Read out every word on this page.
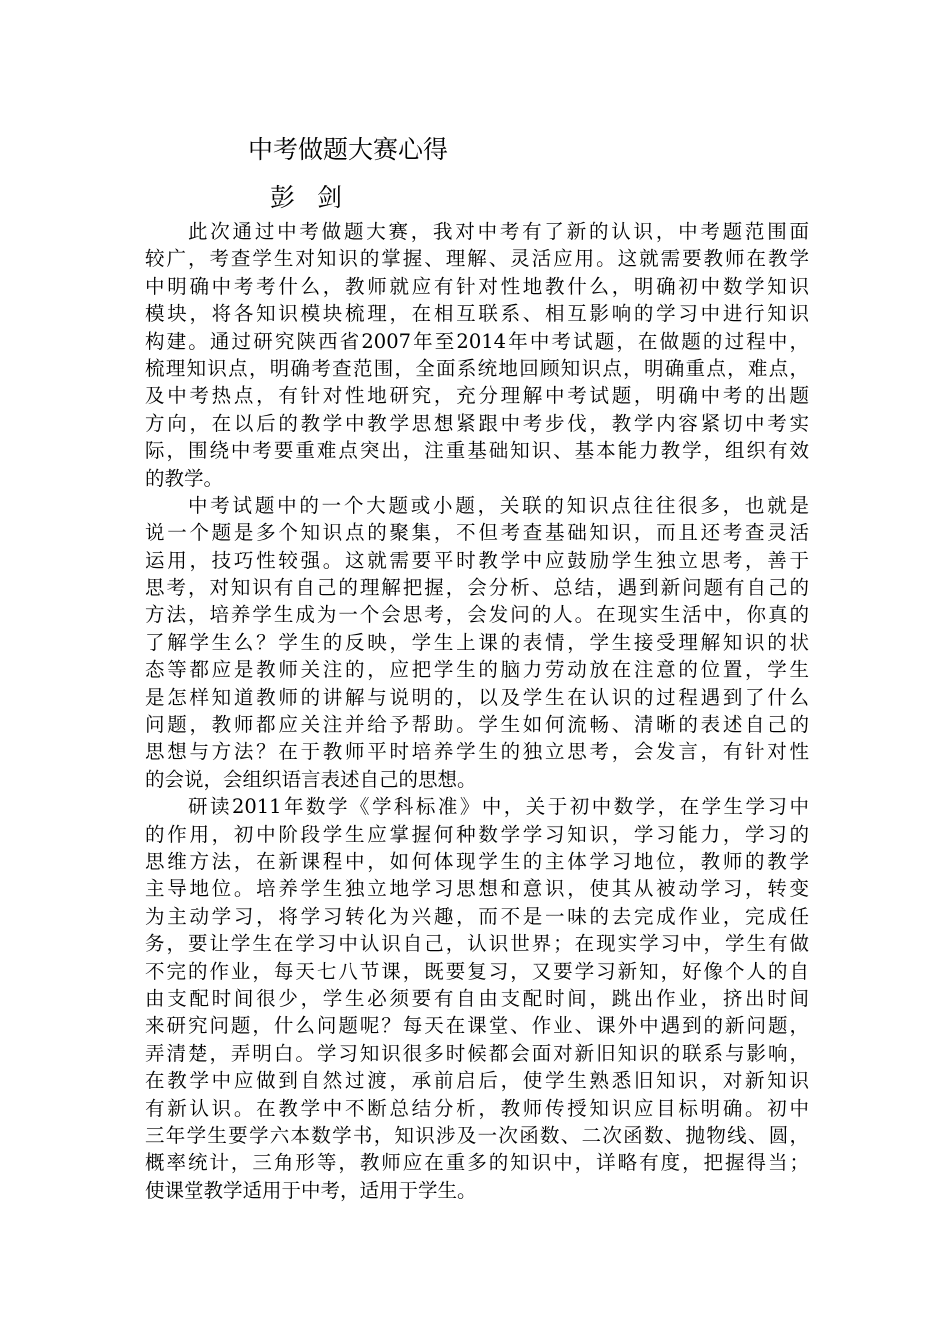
中考做题大赛心得
彭剑
此次通过中考做题大赛，我对中考有了新的认识，中考题范围面
较广，考查学生对知识的掌握、理解、灵活应用。这就需要教师在教学
中明确中考考什么，教师就应有针对性地教什么，明确初中数学知识
模块，将各知识模块梳理，在相互联系、相互影响的学习中进行知识
构建。通过研究陕西省2007年至2014年中考试题，在做题的过程中，
梳理知识点，明确考查范围，全面系统地回顾知识点，明确重点，难点，
及中考热点，有针对性地研究，充分理解中考试题，明确中考的出题
方向，在以后的教学中教学思想紧跟中考步伐，教学内容紧切中考实
际，围绕中考要重难点突出，注重基础知识、基本能力教学，组织有效
的教学。
中考试题中的一个大题或小题，关联的知识点往往很多，也就是
说一个题是多个知识点的聚集，不但考查基础知识，而且还考查灵活
运用，技巧性较强。这就需要平时教学中应鼓励学生独立思考，善于
思考，对知识有自己的理解把握，会分析、总结，遇到新问题有自己的
方法，培养学生成为一个会思考，会发问的人。在现实生活中，你真的
了解学生么？学生的反映，学生上课的表情，学生接受理解知识的状
态等都应是教师关注的，应把学生的脑力劳动放在注意的位置，学生
是怎样知道教师的讲解与说明的，以及学生在认识的过程遇到了什么
问题，教师都应关注并给予帮助。学生如何流畅、清晰的表述自己的
思想与方法？在于教师平时培养学生的独立思考，会发言，有针对性
的会说，会组织语言表述自己的思想。
研读2011年数学《学科标准》中，关于初中数学，在学生学习中
的作用，初中阶段学生应掌握何种数学学习知识，学习能力，学习的
思维方法，在新课程中，如何体现学生的主体学习地位，教师的教学
主导地位。培养学生独立地学习思想和意识，使其从被动学习，转变
为主动学习，将学习转化为兴趣，而不是一味的去完成作业，完成任
务，要让学生在学习中认识自己，认识世界；在现实学习中，学生有做
不完的作业，每天七八节课，既要复习，又要学习新知，好像个人的自
由支配时间很少，学生必须要有自由支配时间，跳出作业，挤出时间
来研究问题，什么问题呢？每天在课堂、作业、课外中遇到的新问题，
弄清楚，弄明白。学习知识很多时候都会面对新旧知识的联系与影响，
在教学中应做到自然过渡，承前启后，使学生熟悉旧知识，对新知识
有新认识。在教学中不断总结分析，教师传授知识应目标明确。初中
三年学生要学六本数学书，知识涉及一次函数、二次函数、抛物线、圆，
概率统计，三角形等，教师应在重多的知识中，详略有度，把握得当；
使课堂教学适用于中考，适用于学生。
